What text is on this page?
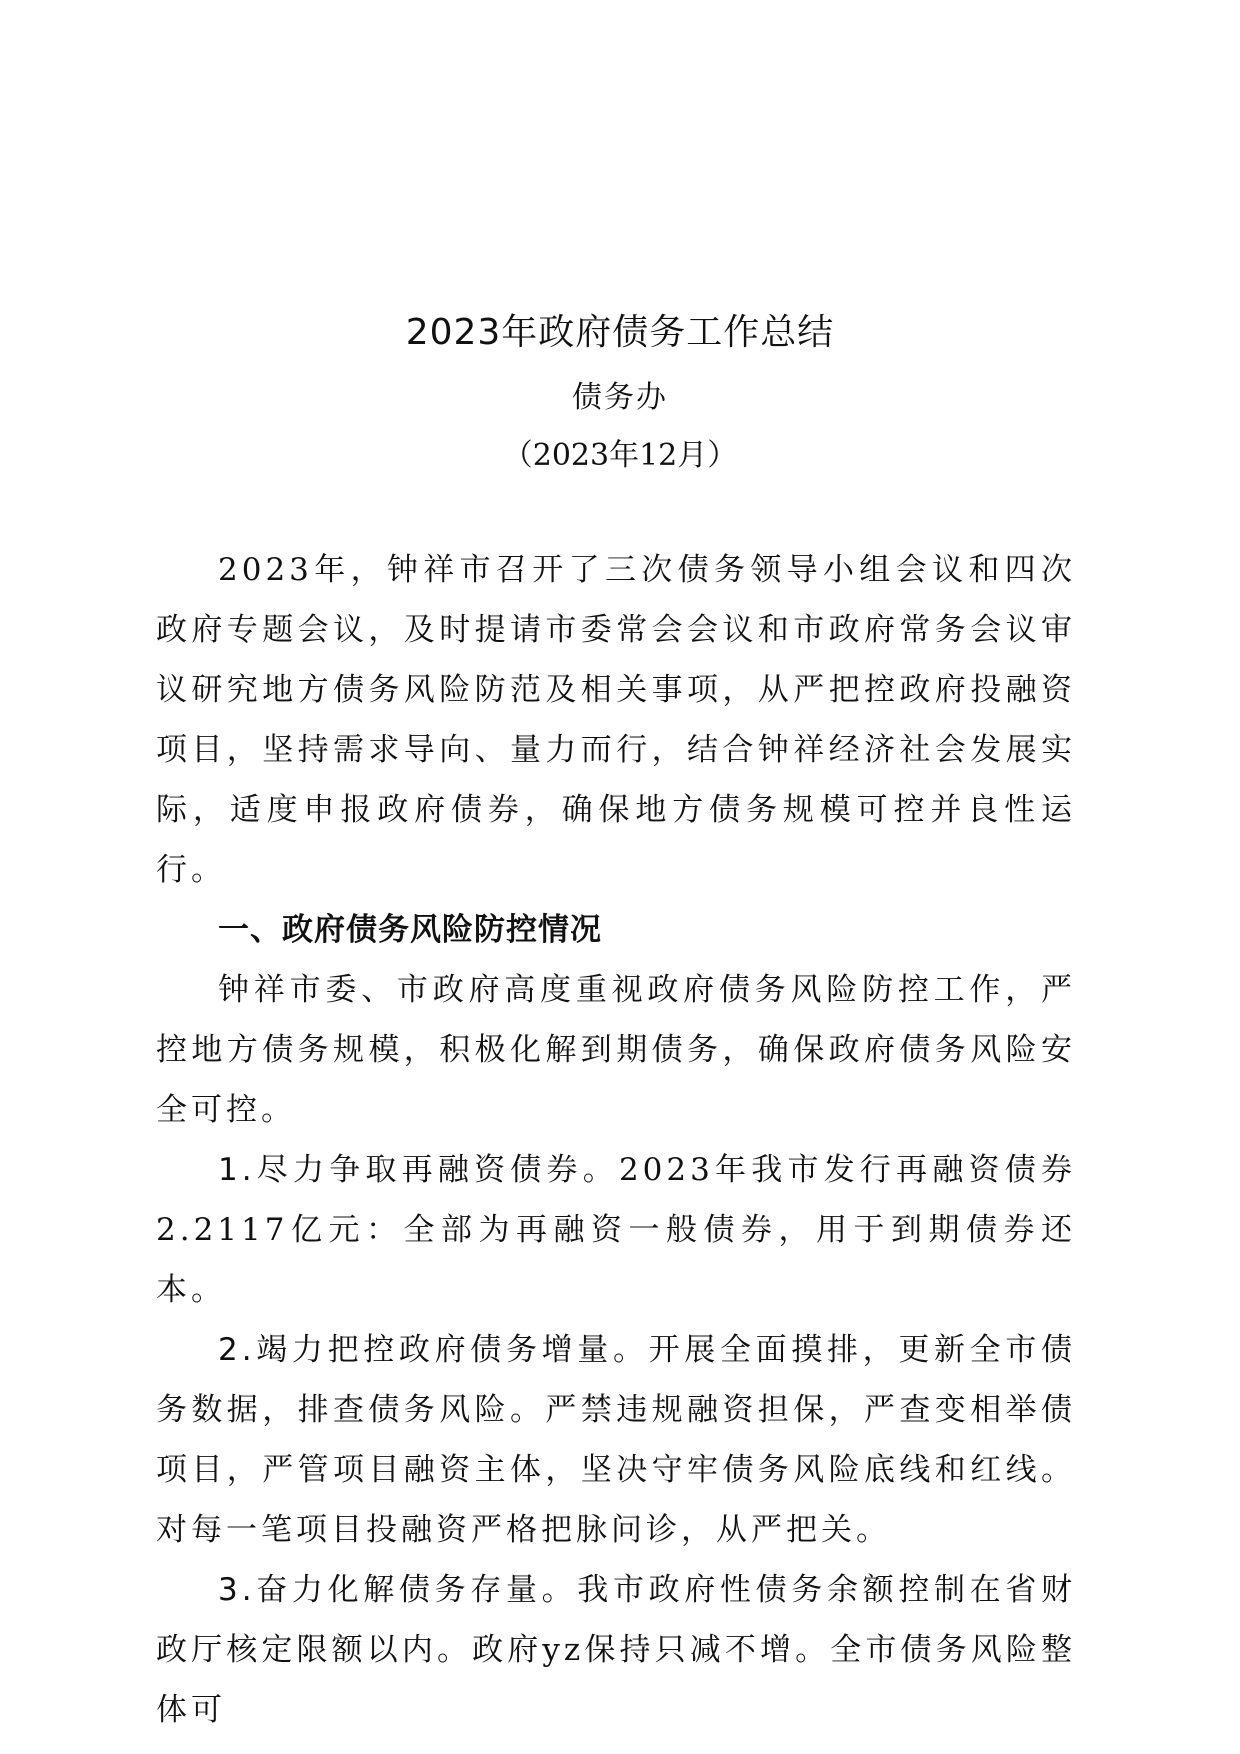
2023年政府债务工作总结
债务办
（2023年12月）

2023年，钟祥市召开了三次债务领导小组会议和四次政府专题会议，及时提请市委常会会议和市政府常务会议审议研究地方债务风险防范及相关事项，从严把控政府投融资项目，坚持需求导向、量力而行，结合钟祥经济社会发展实际，适度申报政府债券，确保地方债务规模可控并良性运行。

一、政府债务风险防控情况

钟祥市委、市政府高度重视政府债务风险防控工作，严控地方债务规模，积极化解到期债务，确保政府债务风险安全可控。

1.尽力争取再融资债券。2023年我市发行再融资债券2.2117亿元：全部为再融资一般债券，用于到期债券还本。

2.竭力把控政府债务增量。开展全面摸排，更新全市债务数据，排查债务风险。严禁违规融资担保，严查变相举债项目，严管项目融资主体，坚决守牢债务风险底线和红线。对每一笔项目投融资严格把脉问诊，从严把关。

3.奋力化解债务存量。我市政府性债务余额控制在省财政厅核定限额以内。政府yz保持只减不增。全市债务风险整体可
